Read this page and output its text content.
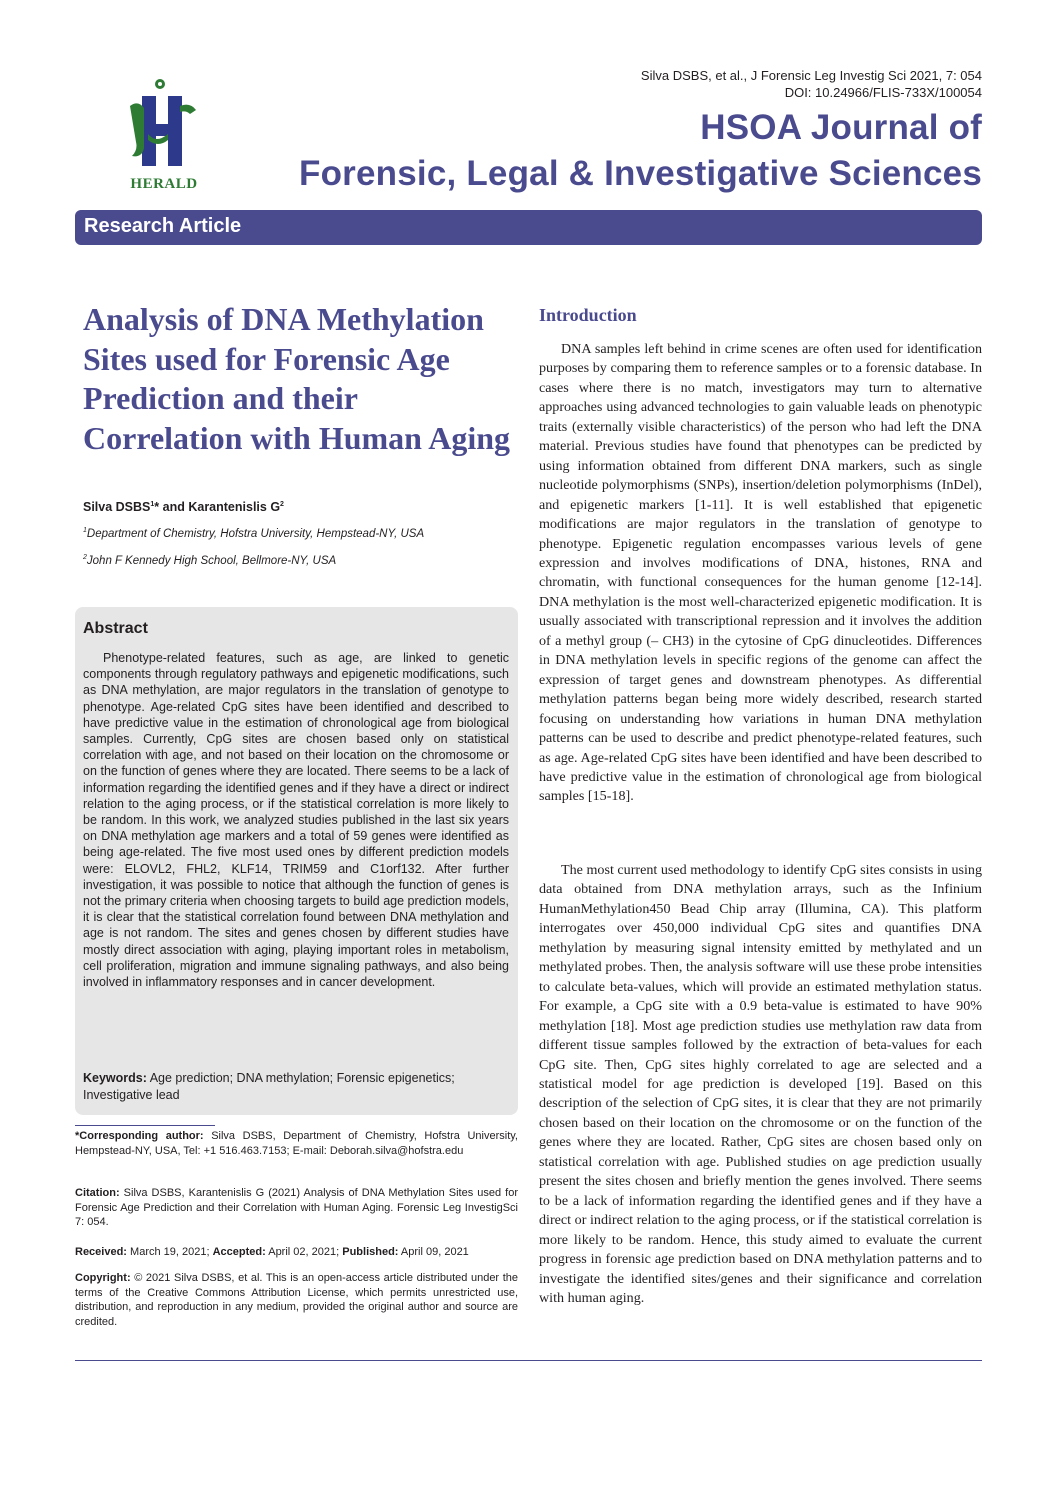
HERALD
Silva DSBS, et al., J Forensic Leg Investig Sci 2021, 7: 054
DOI: 10.24966/FLIS-733X/100054
HSOA Journal of
Forensic, Legal & Investigative Sciences
Research Article
Analysis of DNA Methylation Sites used for Forensic Age Prediction and their Correlation with Human Aging
Silva DSBS$^1$* and Karantenislis $G^2$
$^1$Department of Chemistry, Hofstra University, Hempstead-NY, USA
$^2$John F Kennedy High School, Bellmore-NY, USA
Abstract

Phenotype-related features, such as age, are linked to genetic components through regulatory pathways and epigenetic modifications, such as DNA methylation, are major regulators in the translation of genotype to phenotype. Age-related CpG sites have been identified and described to have predictive value in the estimation of chronological age from biological samples. Currently, CpG sites are chosen based only on statistical correlation with age, and not based on their location on the chromosome or on the function of genes where they are located. There seems to be a lack of information regarding the identified genes and if they have a direct or indirect relation to the aging process, or if the statistical correlation is more likely to be random. In this work, we analyzed studies published in the last six years on DNA methylation age markers and a total of 59 genes were identified as being age-related. The five most used ones by different prediction models were: ELOVL2, FHL2, KLF14, TRIM59 and C1orf132. After further investigation, it was possible to notice that although the function of genes is not the primary criteria when choosing targets to build age prediction models, it is clear that the statistical correlation found between DNA methylation and age is not random. The sites and genes chosen by different studies have mostly direct association with aging, playing important roles in metabolism, cell proliferation, migration and immune signaling pathways, and also being involved in inflammatory responses and in cancer development.

Keywords: Age prediction; DNA methylation; Forensic epigenetics; Investigative lead

*Corresponding author: Silva DSBS, Department of Chemistry, Hofstra University, Hempstead-NY, USA, Tel: +1 516.463.7153; E-mail: Deborah.silva@hofstra.edu

Citation: Silva DSBS, Karantenislis G (2021) Analysis of DNA Methylation Sites used for Forensic Age Prediction and their Correlation with Human Aging. Forensic Leg InvestigSci 7: 054.

Received: March 19, 2021; Accepted: April 02, 2021; Published: April 09, 2021

Copyright: © 2021 Silva DSBS, et al. This is an open-access article distributed under the terms of the Creative Commons Attribution License, which permits unrestricted use, distribution, and reproduction in any medium, provided the original author and source are credited.

Introduction

DNA samples left behind in crime scenes are often used for identification purposes by comparing them to reference samples or to a forensic database. In cases where there is no match, investigators may turn to alternative approaches using advanced technologies to gain valuable leads on phenotypic traits (externally visible characteristics) of the person who had left the DNA material. Previous studies have found that phenotypes can be predicted by using information obtained from different DNA markers, such as single nucleotide polymorphisms (SNPs), insertion/deletion polymorphisms (InDel), and epigenetic markers [1-11]. It is well established that epigenetic modifications are major regulators in the translation of genotype to phenotype. Epigenetic regulation encompasses various levels of gene expression and involves modifications of DNA, histones, RNA and chromatin, with functional consequences for the human genome [12-14]. DNA methylation is the most well-characterized epigenetic modification. It is usually associated with transcriptional repression and it involves the addition of a methyl group (– CH3) in the cytosine of CpG dinucleotides. Differences in DNA methylation levels in specific regions of the genome can affect the expression of target genes and downstream phenotypes. As differential methylation patterns began being more widely described, research started focusing on understanding how variations in human DNA methylation patterns can be used to describe and predict phenotype-related features, such as age. Age-related CpG sites have been identified and have been described to have predictive value in the estimation of chronological age from biological samples [15-18].

The most current used methodology to identify CpG sites consists in using data obtained from DNA methylation arrays, such as the Infinium HumanMethylation450 Bead Chip array (Illumina, CA). This platform interrogates over 450,000 individual CpG sites and quantifies DNA methylation by measuring signal intensity emitted by methylated and un methylated probes. Then, the analysis software will use these probe intensities to calculate beta-values, which will provide an estimated methylation status. For example, a CpG site with a 0.9 beta-value is estimated to have 90% methylation [18]. Most age prediction studies use methylation raw data from different tissue samples followed by the extraction of beta-values for each CpG site. Then, CpG sites highly correlated to age are selected and a statistical model for age prediction is developed [19]. Based on this description of the selection of CpG sites, it is clear that they are not primarily chosen based on their location on the chromosome or on the function of the genes where they are located. Rather, CpG sites are chosen based only on statistical correlation with age. Published studies on age prediction usually present the sites chosen and briefly mention the genes involved. There seems to be a lack of information regarding the identified genes and if they have a direct or indirect relation to the aging process, or if the statistical correlation is more likely to be random. Hence, this study aimed to evaluate the current progress in forensic age prediction based on DNA methylation patterns and to investigate the identified sites/genes and their significance and correlation with human aging.
